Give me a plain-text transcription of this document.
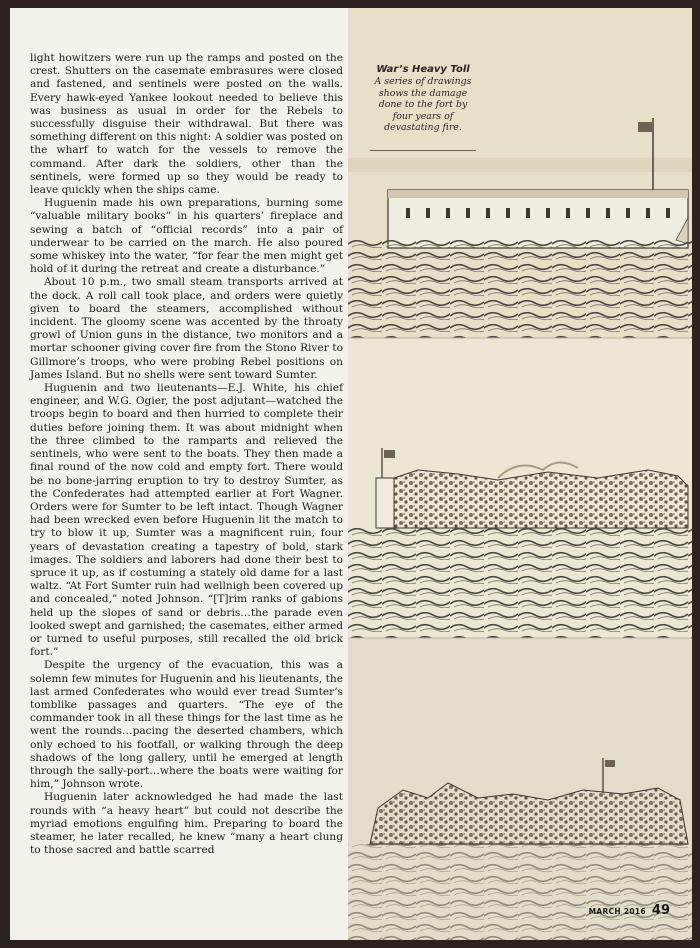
light howitzers were run up the ramps and posted on the crest. Shutters on the casemate embrasures were closed and fastened, and sentinels were posted on the walls. Every hawk-eyed Yankee lookout needed to believe this was business as usual in order for the Rebels to successfully disguise their withdrawal. But there was something different on this night: A soldier was posted on the wharf to watch for the vessels to remove the command. After dark the soldiers, other than the sentinels, were formed up so they would be ready to leave quickly when the ships came.

Huguenin made his own preparations, burning some “valuable military books” in his quarters’ fireplace and sewing a batch of “official records” into a pair of underwear to be carried on the march. He also poured some whiskey into the water, “for fear the men might get hold of it during the retreat and create a disturbance.”

About 10 p.m., two small steam transports arrived at the dock. A roll call took place, and orders were quietly given to board the steamers, accomplished without incident. The gloomy scene was accented by the throaty growl of Union guns in the distance, two monitors and a mortar schooner giving cover fire from the Stono River to Gillmore’s troops, who were probing Rebel positions on James Island. But no shells were sent toward Sumter.

Huguenin and two lieutenants—E.J. White, his chief engineer, and W.G. Ogier, the post adjutant—watched the troops begin to board and then hurried to complete their duties before joining them. It was about midnight when the three climbed to the ramparts and relieved the sentinels, who were sent to the boats. They then made a final round of the now cold and empty fort. There would be no bone-jarring eruption to try to destroy Sumter, as the Confederates had attempted earlier at Fort Wagner. Orders were for Sumter to be left intact. Though Wagner had been wrecked even before Huguenin lit the match to try to blow it up, Sumter was a magnificent ruin, four years of devastation creating a tapestry of bold, stark images. The soldiers and laborers had done their best to spruce it up, as if costuming a stately old dame for a last waltz. “At Fort Sumter ruin had wellnigh been covered up and concealed,” noted Johnson. “[T]rim ranks of gabions held up the slopes of sand or debris…the parade even looked swept and garnished; the casemates, either armed or turned to useful purposes, still recalled the old brick fort.”

Despite the urgency of the evacuation, this was a solemn few minutes for Huguenin and his lieutenants, the last armed Confederates who would ever tread Sumter’s tomblike passages and quarters. “The eye of the commander took in all these things for the last time as he went the rounds…pacing the deserted chambers, which only echoed to his footfall, or walking through the deep shadows of the long gallery, until he emerged at length through the sally-port…where the boats were waiting for him,” Johnson wrote.

Huguenin later acknowledged he had made the last rounds with “a heavy heart” but could not describe the myriad emotions engulfing him. Preparing to board the steamer, he later recalled, he knew “many a heart clung to those sacred and battle scarred

War’s Heavy Toll
A series of drawings shows the damage done to the fort by four years of devastating fire.
MARCH 2016 49
